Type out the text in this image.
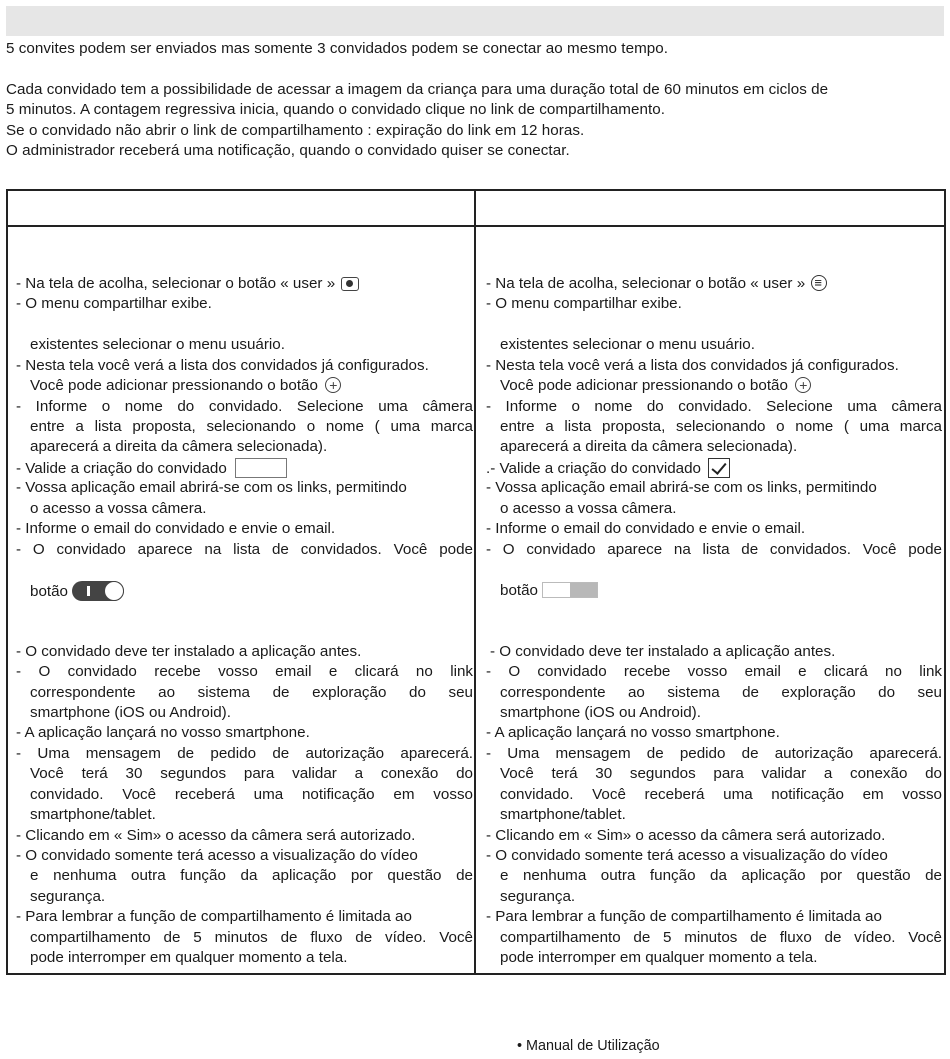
5 convites podem ser enviados mas somente 3 convidados podem se conectar ao mesmo tempo.

Cada convidado tem a possibilidade de acessar a imagem da criança para uma duração total de 60 minutos em ciclos de

5 minutos. A contagem regressiva inicia, quando o convidado clique no link de compartilhamento.

Se o convidado não abrir o link de compartilhamento : expiração do link em 12 horas.

O administrador receberá uma notificação, quando o convidado quiser se conectar.

- Na tela de acolha, selecionar o botão « user »
- O menu compartilhar exibe.
existentes selecionar o menu usuário.
- Nesta tela você verá a lista dos convidados já configurados.
Você pode adicionar pressionando o botão +
- Informe o nome do convidado. Selecione uma câmera
entre a lista proposta, selecionando o nome ( uma marca
aparecerá a direita da câmera selecionada).
- Valide a criação do convidado
- Vossa aplicação email abrirá-se com os links, permitindo
o acesso a vossa câmera.
- Informe o email do convidado e envie o email.
- O convidado aparece na lista de convidados. Você pode
botão
- O convidado deve ter instalado a aplicação antes.
- O convidado recebe vosso email e clicará no link
correspondente ao sistema de exploração do seu
smartphone (iOS ou Android).
- A aplicação lançará no vosso smartphone.
- Uma mensagem de pedido de autorização aparecerá.
Você terá 30 segundos para validar a conexão do
convidado. Você receberá uma notificação em vosso
smartphone/tablet.
- Clicando em « Sim» o acesso da câmera será autorizado.
- O convidado somente terá acesso a visualização do vídeo
e nenhuma outra função da aplicação por questão de
segurança.
- Para lembrar a função de compartilhamento é limitada ao
compartilhamento de 5 minutos de fluxo de vídeo. Você
pode interromper em qualquer momento a tela.
- Na tela de acolha, selecionar o botão « user » ≡
- O menu compartilhar exibe.
existentes selecionar o menu usuário.
- Nesta tela você verá a lista dos convidados já configurados.
Você pode adicionar pressionando o botão +
- Informe o nome do convidado. Selecione uma câmera
entre a lista proposta, selecionando o nome ( uma marca
aparecerá a direita da câmera selecionada).
.- Valide a criação do convidado
- Vossa aplicação email abrirá-se com os links, permitindo
o acesso a vossa câmera.
- Informe o email do convidado e envie o email.
- O convidado aparece na lista de convidados. Você pode
botão
- O convidado deve ter instalado a aplicação antes.
- O convidado recebe vosso email e clicará no link
correspondente ao sistema de exploração do seu
smartphone (iOS ou Android).
- A aplicação lançará no vosso smartphone.
- Uma mensagem de pedido de autorização aparecerá.
Você terá 30 segundos para validar a conexão do
convidado. Você receberá uma notificação em vosso
smartphone/tablet.
- Clicando em « Sim» o acesso da câmera será autorizado.
- O convidado somente terá acesso a visualização do vídeo
e nenhuma outra função da aplicação por questão de
segurança.
- Para lembrar a função de compartilhamento é limitada ao
compartilhamento de 5 minutos de fluxo de vídeo. Você
pode interromper em qualquer momento a tela.
• Manual de Utilização
